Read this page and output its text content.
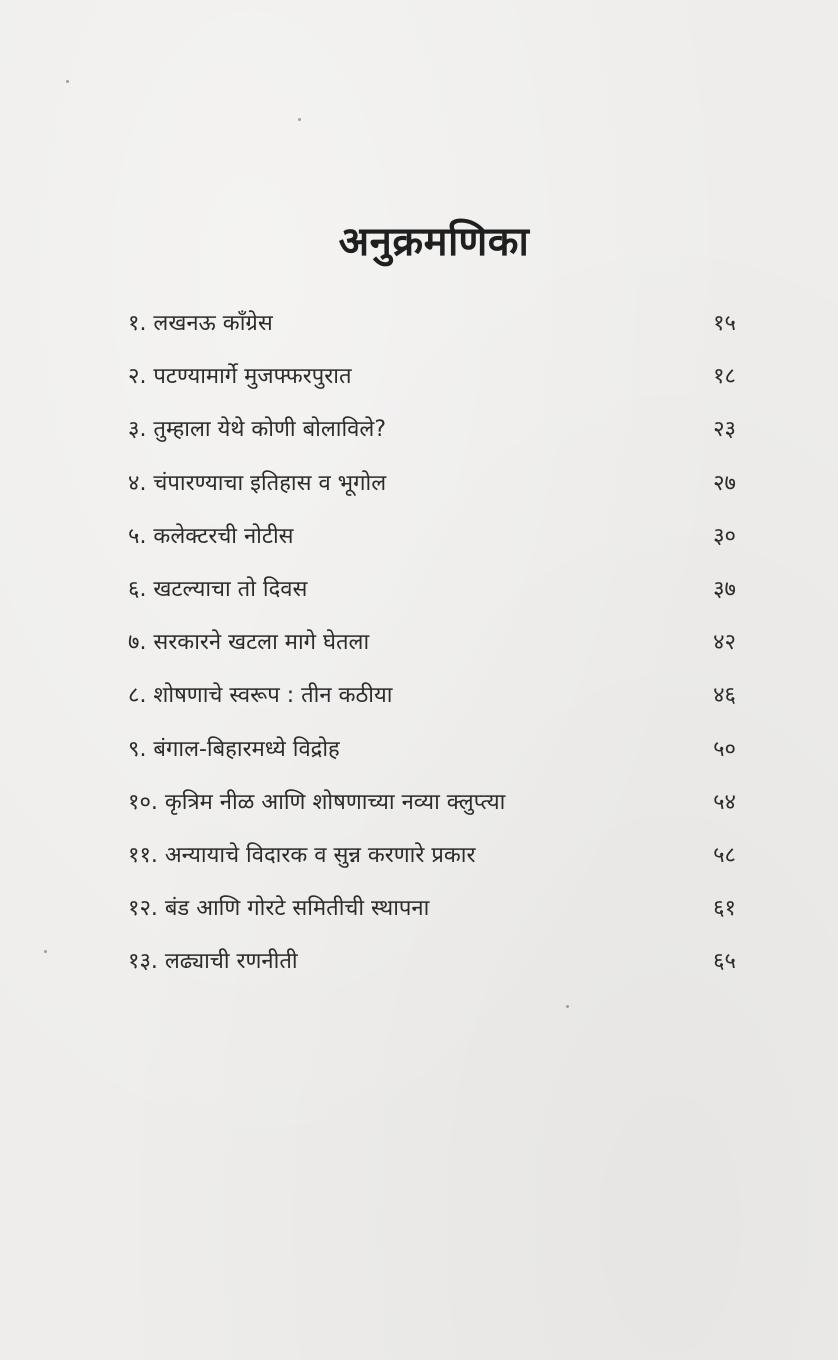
अनुक्रमणिका
१. लखनऊ काँग्रेस	१५
२. पटण्यामार्गे मुजफ्फरपुरात	१८
३. तुम्हाला येथे कोणी बोलाविले?	२३
४. चंपारण्याचा इतिहास व भूगोल	२७
५. कलेक्टरची नोटीस	३०
६. खटल्याचा तो दिवस	३७
७. सरकारने खटला मागे घेतला	४२
८. शोषणाचे स्वरूप : तीन कठीया	४६
९. बंगाल-बिहारमध्ये विद्रोह	५०
१०. कृत्रिम नीळ आणि शोषणाच्या नव्या क्लुप्त्या	५४
११. अन्यायाचे विदारक व सुन्न करणारे प्रकार	५८
१२. बंड आणि गोरटे समितीची स्थापना	६१
१३. लढ्याची रणनीती	६५
